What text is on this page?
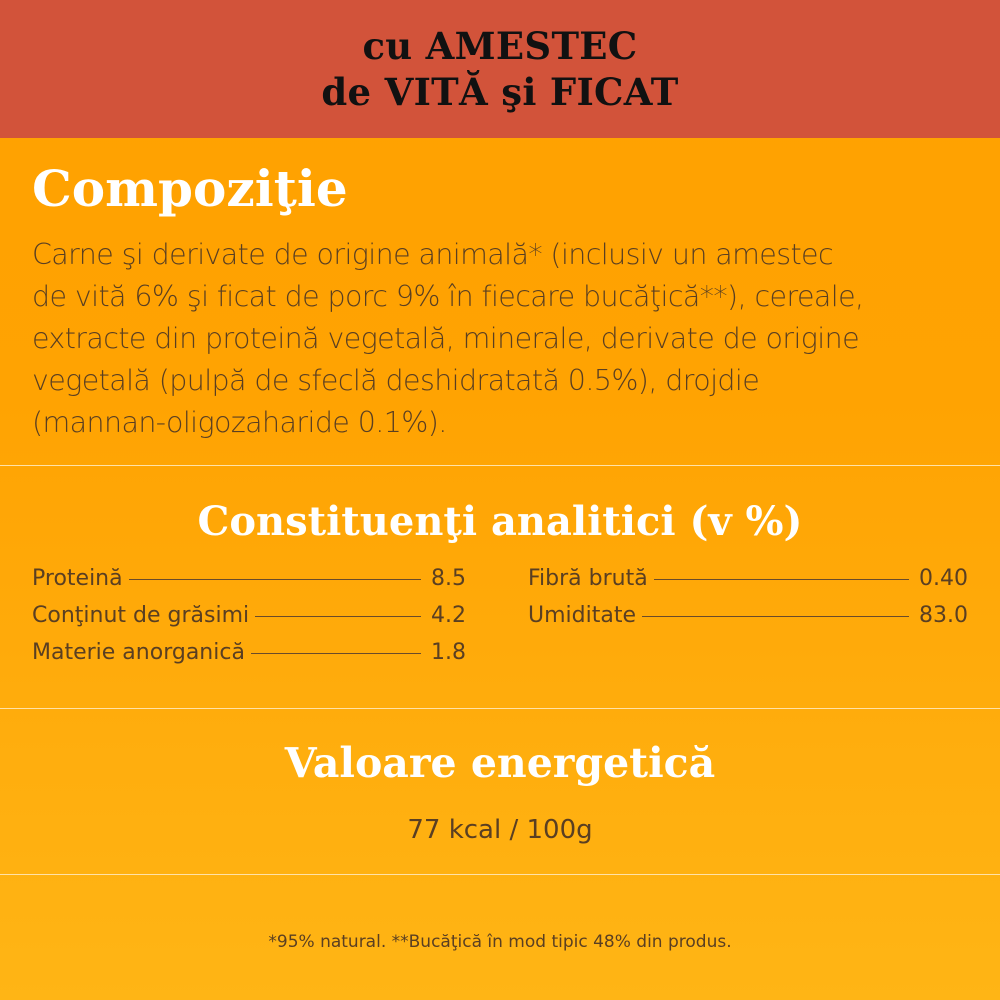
cu AMESTEC
de VITĂ şi FICAT
Compoziţie
Carne şi derivate de origine animală* (inclusiv un amestec
de vită 6% şi ficat de porc 9% în fiecare bucăţică**), cereale,
extracte din proteină vegetală, minerale, derivate de origine
vegetală (pulpă de sfeclă deshidratată 0.5%), drojdie
(mannan-oligozaharide 0.1%).
Constituenţi analitici (v %)
Proteină	8.5
Conţinut de grăsimi	4.2
Materie anorganică	1.8
Fibră brută	0.40
Umiditate	83.0
Valoare energetică
77 kcal / 100g
*95% natural. **Bucăţică în mod tipic 48% din produs.
